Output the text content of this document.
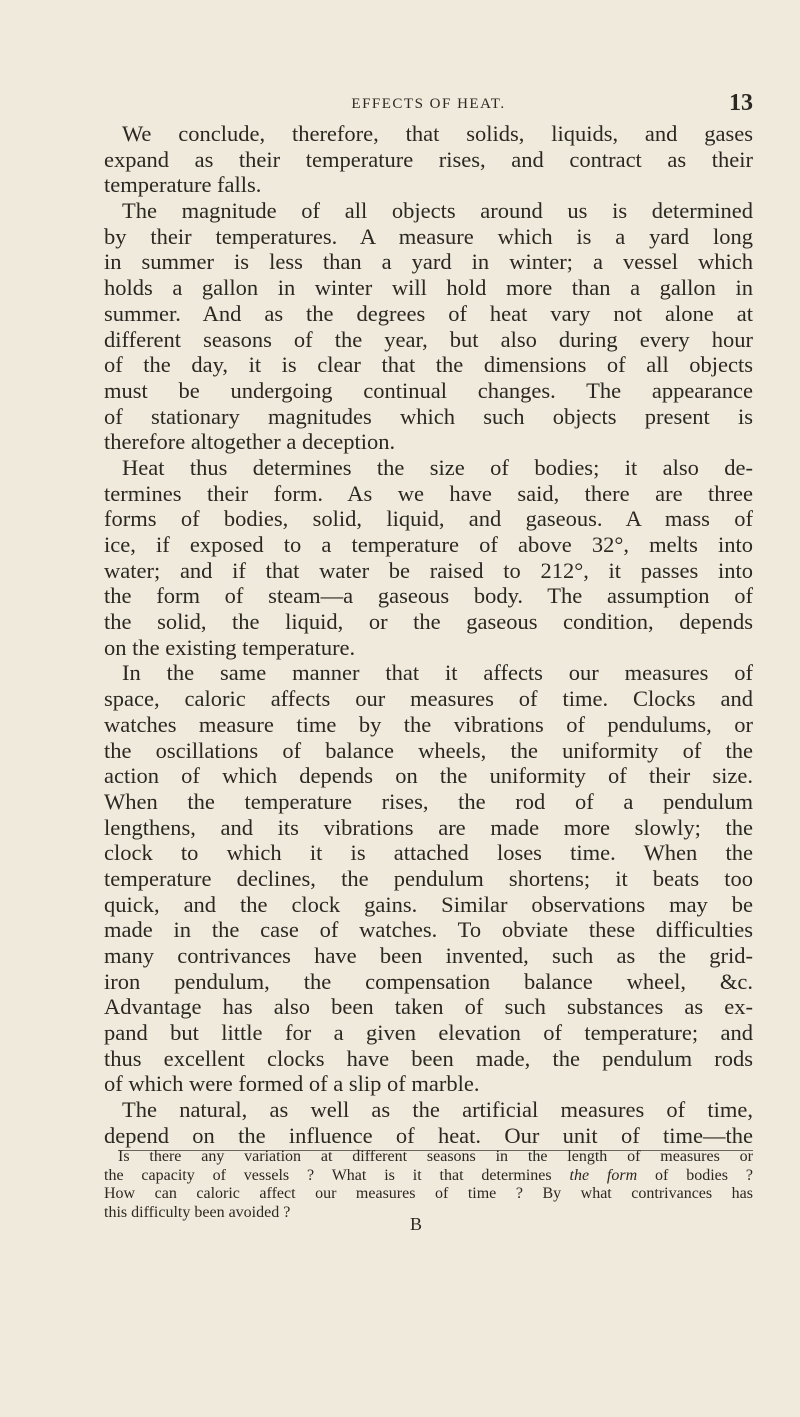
EFFECTS OF HEAT.	13
We conclude, therefore, that solids, liquids, and gases
expand as their temperature rises, and contract as their
temperature falls.
The magnitude of all objects around us is determined
by their temperatures. A measure which is a yard long
in summer is less than a yard in winter; a vessel which
holds a gallon in winter will hold more than a gallon in
summer. And as the degrees of heat vary not alone at
different seasons of the year, but also during every hour
of the day, it is clear that the dimensions of all objects
must be undergoing continual changes. The appearance
of stationary magnitudes which such objects present is
therefore altogether a deception.
Heat thus determines the size of bodies; it also de-
termines their form. As we have said, there are three
forms of bodies, solid, liquid, and gaseous. A mass of
ice, if exposed to a temperature of above 32°, melts into
water; and if that water be raised to 212°, it passes into
the form of steam—a gaseous body. The assumption of
the solid, the liquid, or the gaseous condition, depends
on the existing temperature.
In the same manner that it affects our measures of
space, caloric affects our measures of time. Clocks and
watches measure time by the vibrations of pendulums, or
the oscillations of balance wheels, the uniformity of the
action of which depends on the uniformity of their size.
When the temperature rises, the rod of a pendulum
lengthens, and its vibrations are made more slowly; the
clock to which it is attached loses time. When the
temperature declines, the pendulum shortens; it beats too
quick, and the clock gains. Similar observations may be
made in the case of watches. To obviate these difficulties
many contrivances have been invented, such as the grid-
iron pendulum, the compensation balance wheel, &c.
Advantage has also been taken of such substances as ex-
pand but little for a given elevation of temperature; and
thus excellent clocks have been made, the pendulum rods
of which were formed of a slip of marble.
The natural, as well as the artificial measures of time,
depend on the influence of heat. Our unit of time—the
Is there any variation at different seasons in the length of measures or
the capacity of vessels ? What is it that determines the form of bodies ?
How can caloric affect our measures of time ? By what contrivances has
this difficulty been avoided ?
B
